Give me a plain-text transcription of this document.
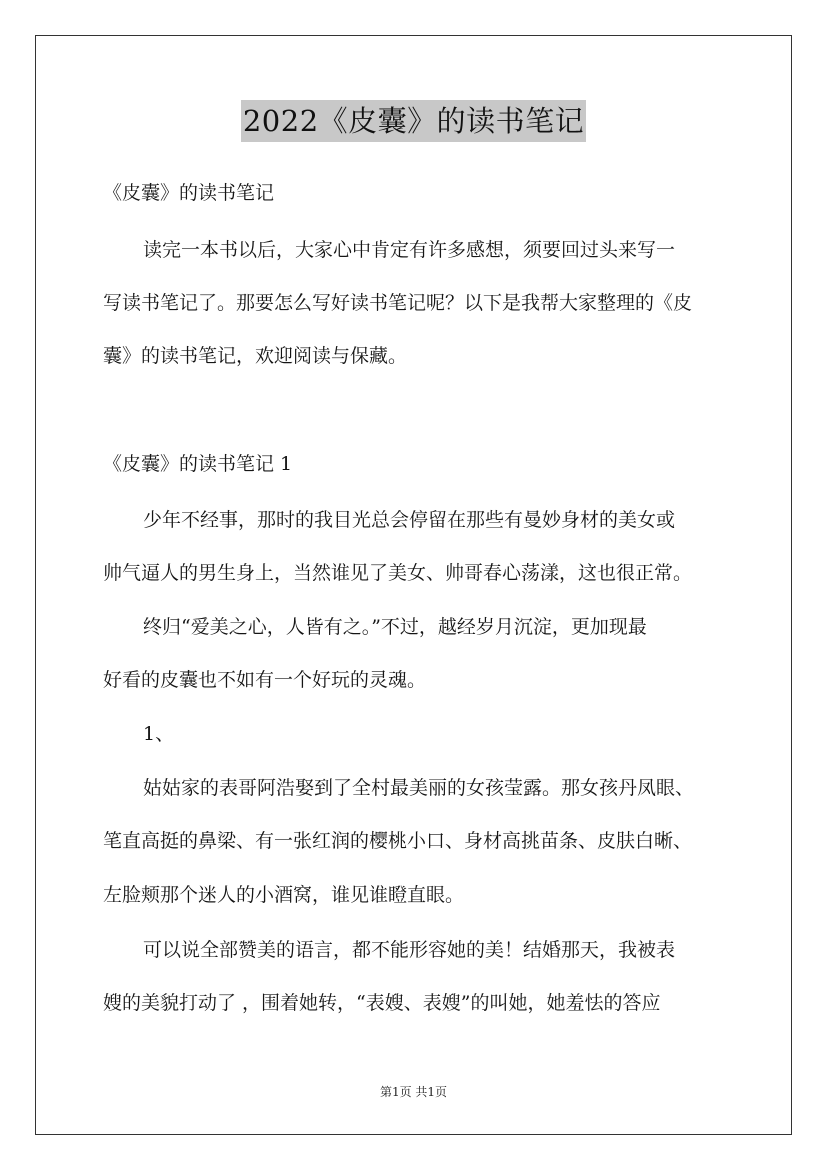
2022《皮囊》的读书笔记
《皮囊》的读书笔记
读完一本书以后，大家心中肯定有许多感想，须要回过头来写一
写读书笔记了。那要怎么写好读书笔记呢？以下是我帮大家整理的《皮
囊》的读书笔记，欢迎阅读与保藏。
《皮囊》的读书笔记 1
少年不经事，那时的我目光总会停留在那些有曼妙身材的美女或
帅气逼人的男生身上，当然谁见了美女、帅哥春心荡漾，这也很正常。
终归“爱美之心，人皆有之。”不过，越经岁月沉淀，更加现最
好看的皮囊也不如有一个好玩的灵魂。
1、
姑姑家的表哥阿浩娶到了全村最美丽的女孩莹露。那女孩丹凤眼、
笔直高挺的鼻梁、有一张红润的樱桃小口、身材高挑苗条、皮肤白晰、
左脸颊那个迷人的小酒窝，谁见谁瞪直眼。
可以说全部赞美的语言，都不能形容她的美！结婚那天，我被表
嫂的美貌打动了 ，围着她转，“表嫂、表嫂”的叫她，她羞怯的答应
第1页 共1页
